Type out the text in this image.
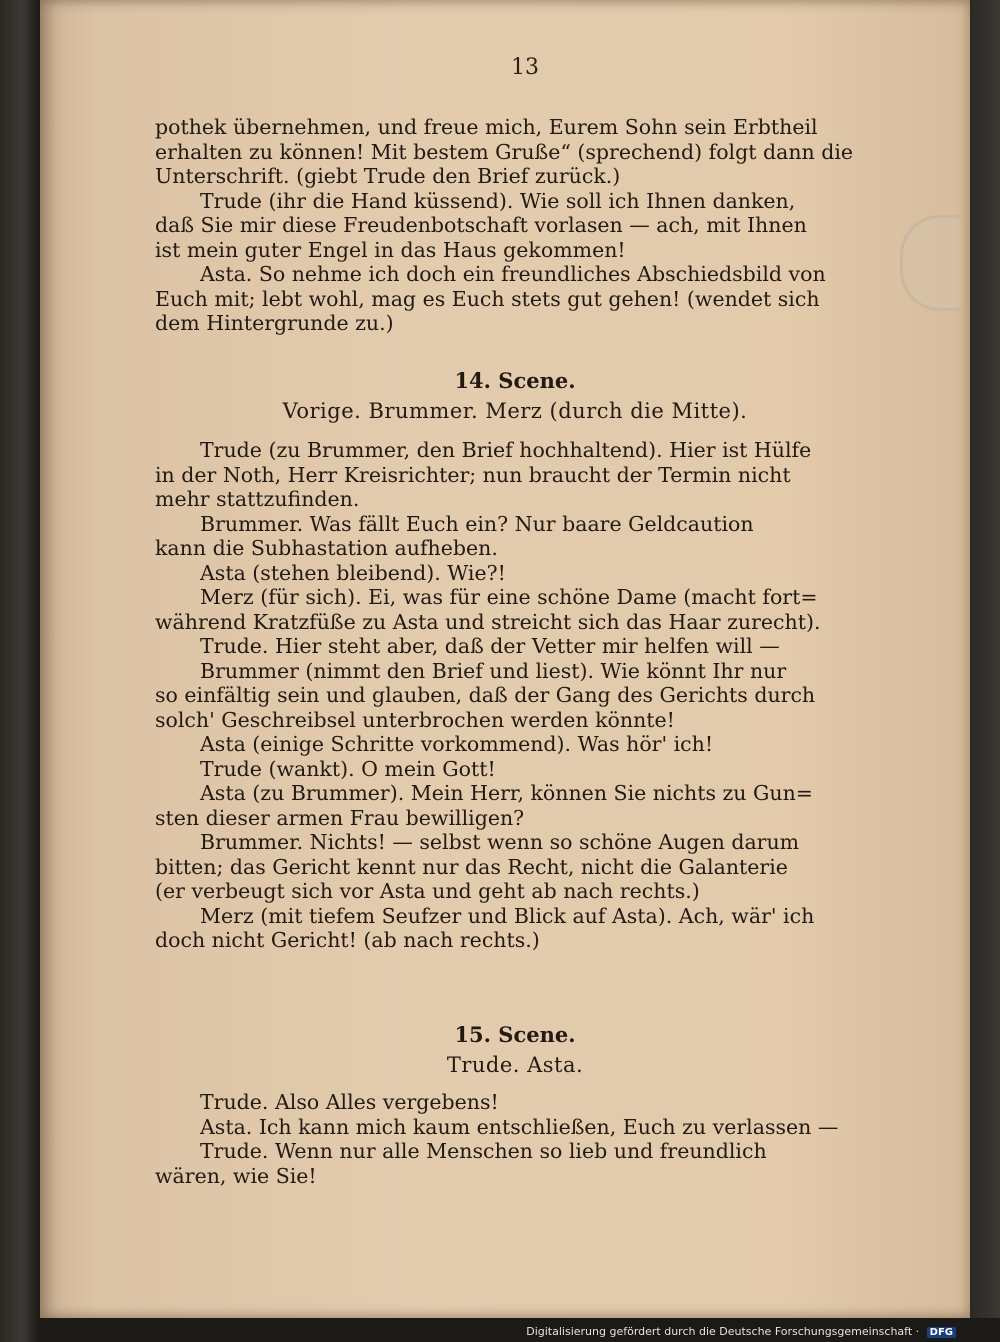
13
pothek übernehmen, und freue mich, Eurem Sohn sein Erbtheil
erhalten zu können! Mit bestem Gruße“ (sprechend) folgt dann die
Unterschrift. (giebt Trude den Brief zurück.)
Trude (ihr die Hand küssend). Wie soll ich Ihnen danken,
daß Sie mir diese Freudenbotschaft vorlasen — ach, mit Ihnen
ist mein guter Engel in das Haus gekommen!
Asta. So nehme ich doch ein freundliches Abschiedsbild von
Euch mit; lebt wohl, mag es Euch stets gut gehen! (wendet sich
dem Hintergrunde zu.)
14. Scene.
Vorige. Brummer. Merz (durch die Mitte).
Trude (zu Brummer, den Brief hochhaltend). Hier ist Hülfe
in der Noth, Herr Kreisrichter; nun braucht der Termin nicht
mehr stattzufinden.
Brummer. Was fällt Euch ein? Nur baare Geldcaution
kann die Subhastation aufheben.
Asta (stehen bleibend). Wie?!
Merz (für sich). Ei, was für eine schöne Dame (macht fort=
während Kratzfüße zu Asta und streicht sich das Haar zurecht).
Trude. Hier steht aber, daß der Vetter mir helfen will —
Brummer (nimmt den Brief und liest). Wie könnt Ihr nur
so einfältig sein und glauben, daß der Gang des Gerichts durch
solch' Geschreibsel unterbrochen werden könnte!
Asta (einige Schritte vorkommend). Was hör' ich!
Trude (wankt). O mein Gott!
Asta (zu Brummer). Mein Herr, können Sie nichts zu Gun=
sten dieser armen Frau bewilligen?
Brummer. Nichts! — selbst wenn so schöne Augen darum
bitten; das Gericht kennt nur das Recht, nicht die Galanterie
(er verbeugt sich vor Asta und geht ab nach rechts.)
Merz (mit tiefem Seufzer und Blick auf Asta). Ach, wär' ich
doch nicht Gericht! (ab nach rechts.)
15. Scene.
Trude. Asta.
Trude. Also Alles vergebens!
Asta. Ich kann mich kaum entschließen, Euch zu verlassen —
Trude. Wenn nur alle Menschen so lieb und freundlich
wären, wie Sie!
Digitalisierung gefördert durch die Deutsche Forschungsgemeinschaft · DFG
